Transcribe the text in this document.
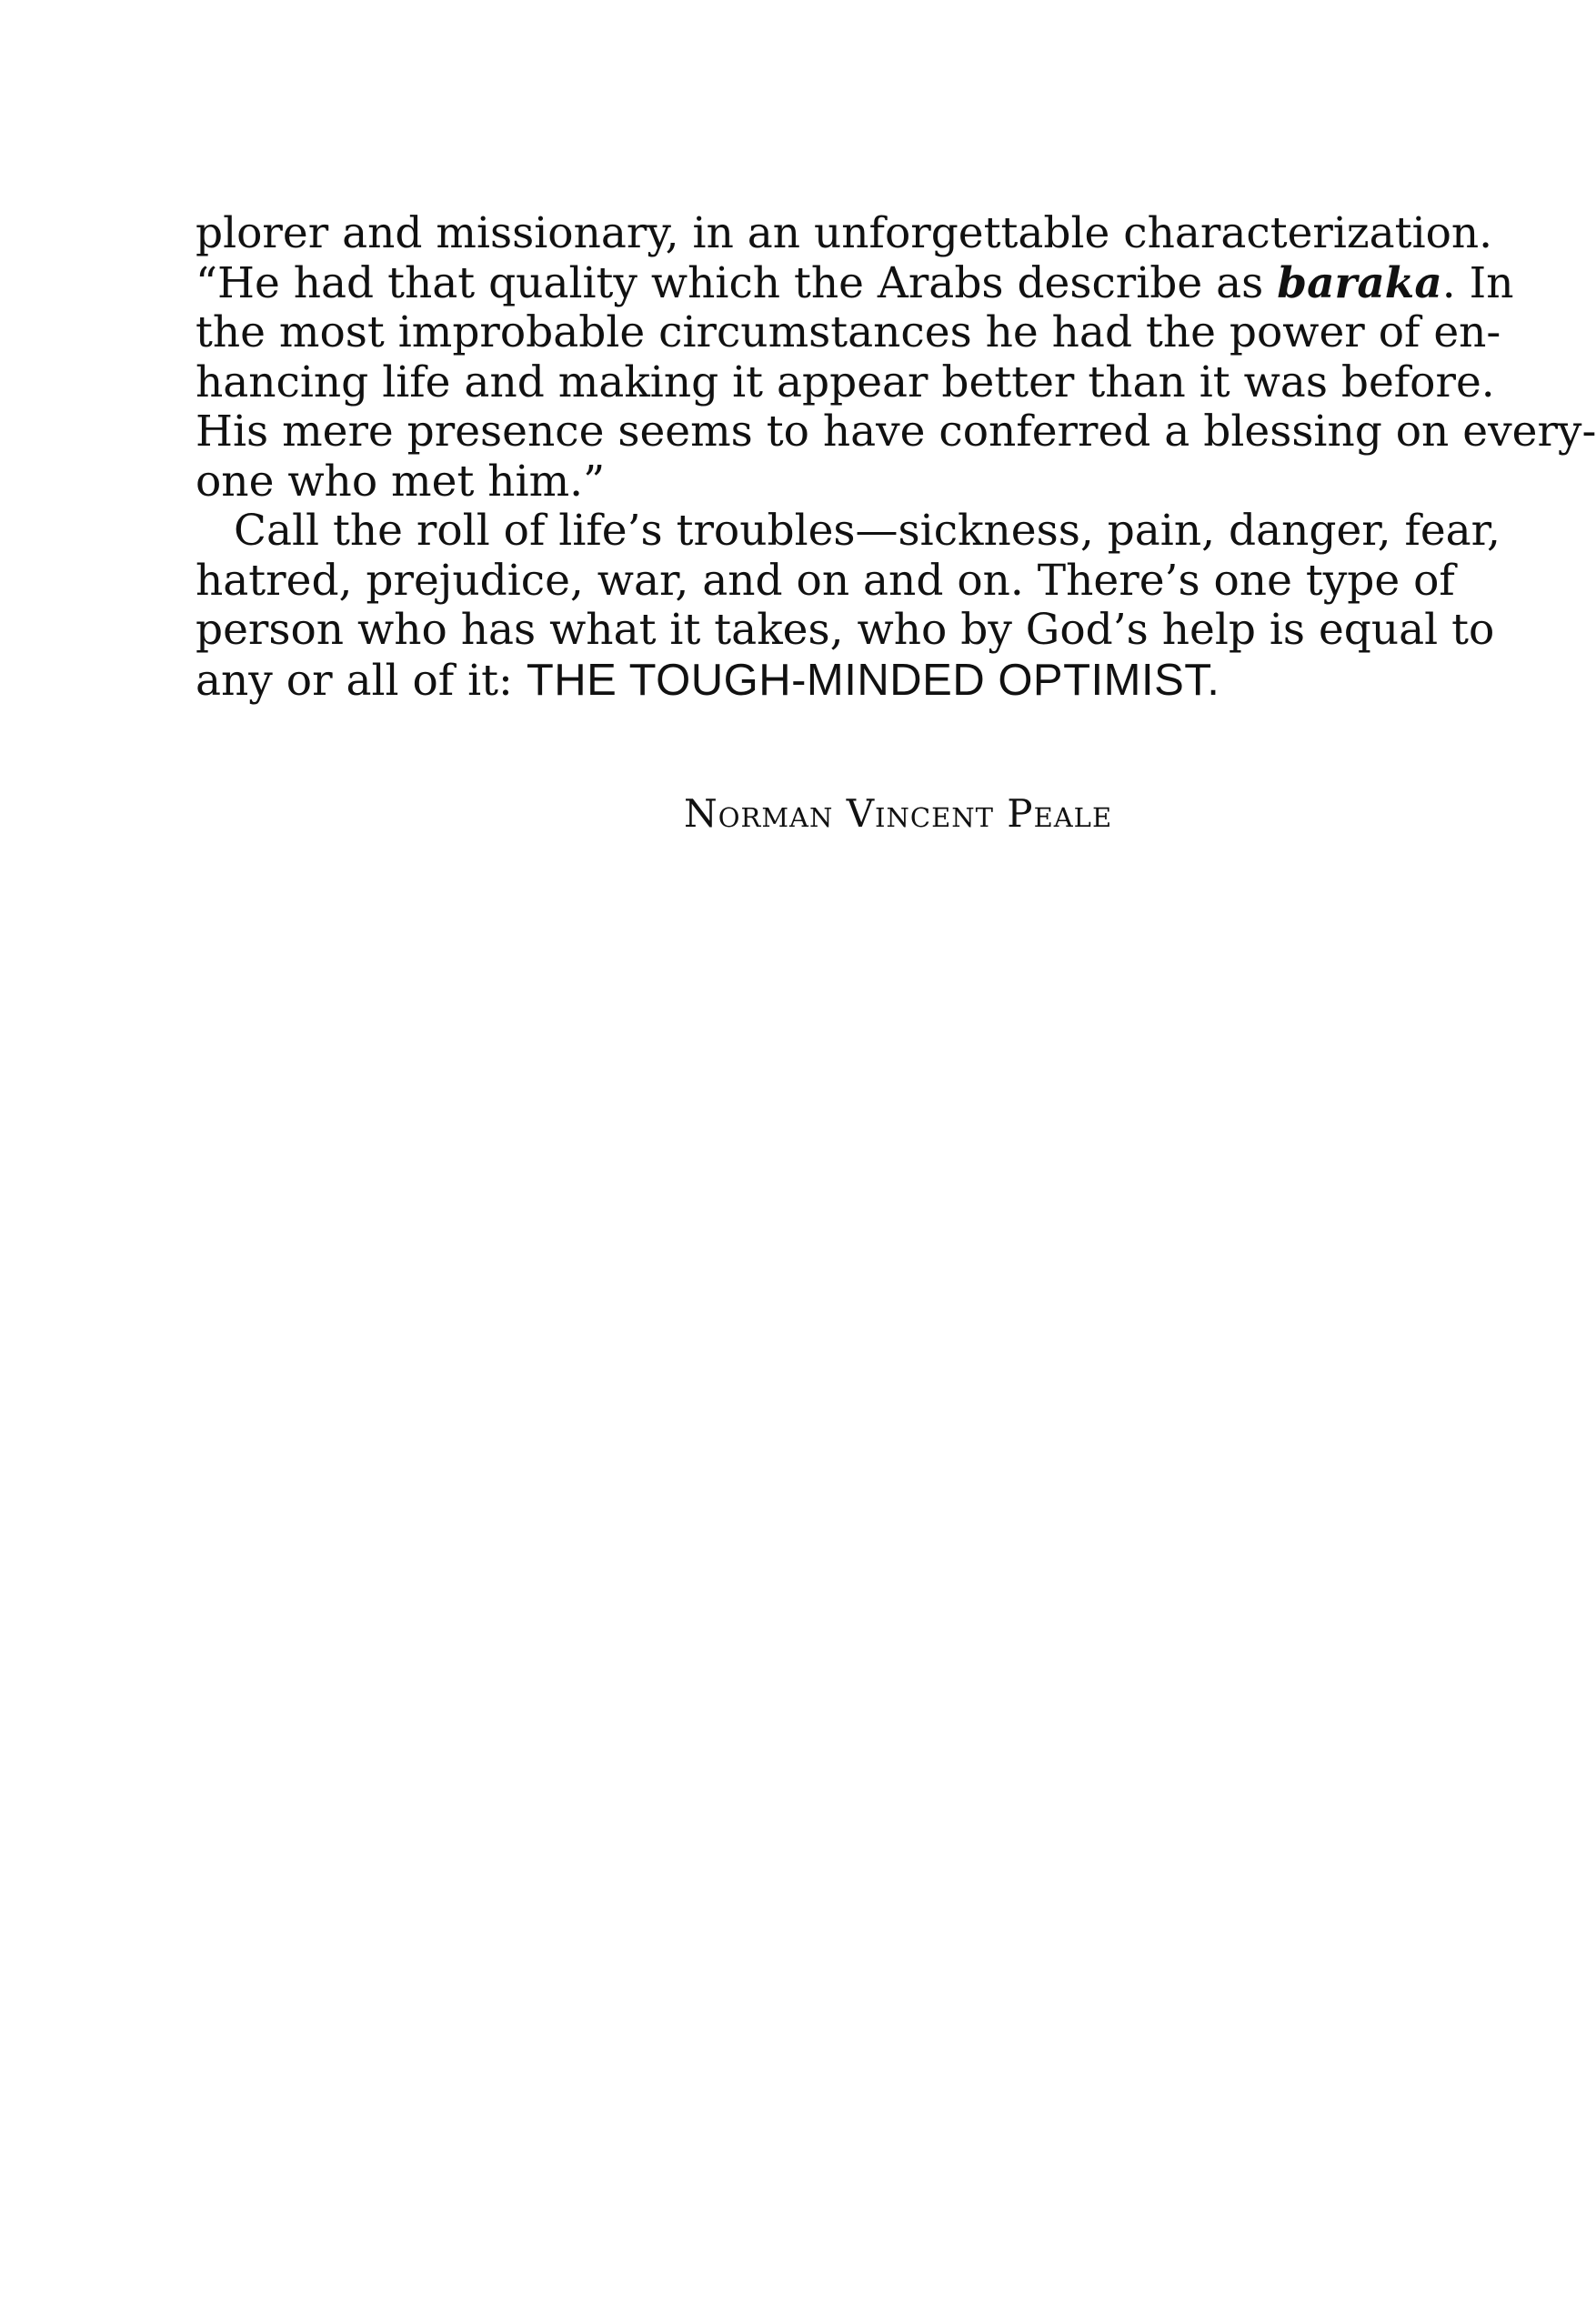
plorer and missionary, in an unforgettable characterization.
“He had that quality which the Arabs describe as baraka. In
the most improbable circumstances he had the power of en-
hancing life and making it appear better than it was before.
His mere presence seems to have conferred a blessing on every-
one who met him.”
Call the roll of life’s troubles—sickness, pain, danger, fear,
hatred, prejudice, war, and on and on. There’s one type of
person who has what it takes, who by God’s help is equal to
any or all of it: THE TOUGH-MINDED OPTIMIST.
Norman Vincent Peale
